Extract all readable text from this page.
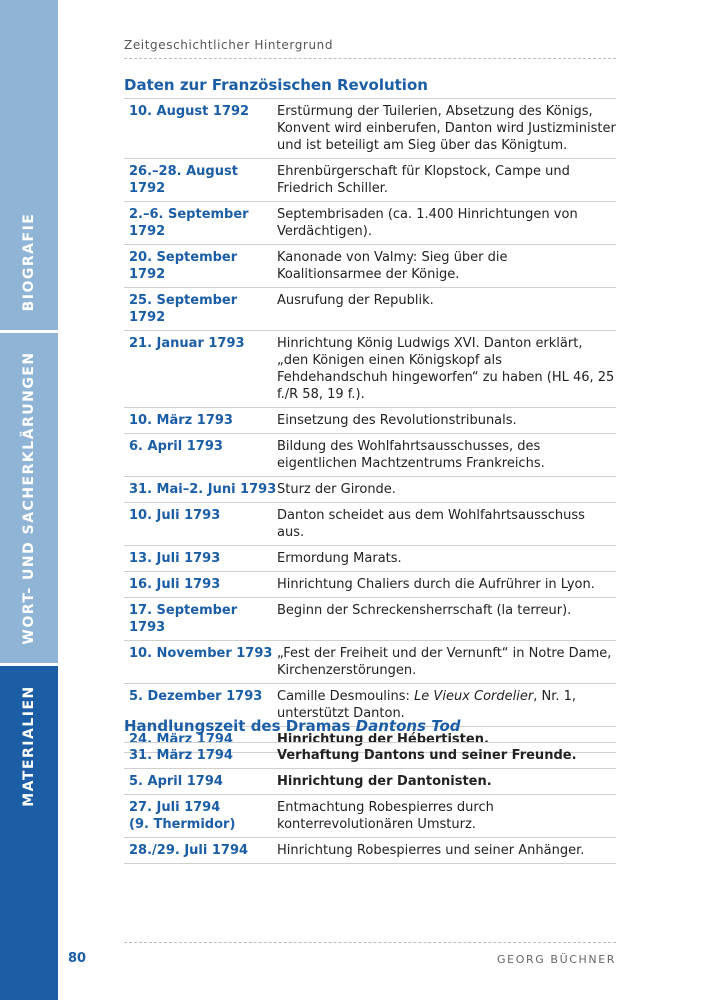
BIOGRAFIE
WORT- UND SACHERKLÄRUNGEN
MATERIALIEN
Zeitgeschichtlicher Hintergrund
Daten zur Französischen Revolution
10. August 1792	Erstürmung der Tuilerien, Absetzung des Königs, Konvent wird einberufen, Danton wird Justizminister und ist beteiligt am Sieg über das Königtum.
26.–28. August 1792	Ehrenbürgerschaft für Klopstock, Campe und Friedrich Schiller.
2.–6. September 1792	Septembrisaden (ca. 1.400 Hinrichtungen von Verdächtigen).
20. September 1792	Kanonade von Valmy: Sieg über die Koalitionsarmee der Könige.
25. September 1792	Ausrufung der Republik.
21. Januar 1793	Hinrichtung König Ludwigs XVI. Danton erklärt, „den Königen einen Königskopf als Fehdehandschuh hingeworfen“ zu haben (HL 46, 25 f./R 58, 19 f.).
10. März 1793	Einsetzung des Revolutionstribunals.
6. April 1793	Bildung des Wohlfahrtsausschusses, des eigentlichen Machtzentrums Frankreichs.
31. Mai–2. Juni 1793	Sturz der Gironde.
10. Juli 1793	Danton scheidet aus dem Wohlfahrtsausschuss aus.
13. Juli 1793	Ermordung Marats.
16. Juli 1793	Hinrichtung Chaliers durch die Aufrührer in Lyon.
17. September 1793	Beginn der Schreckensherrschaft (la terreur).
10. November 1793	„Fest der Freiheit und der Vernunft“ in Notre Dame, Kirchenzerstörungen.
5. Dezember 1793	Camille Desmoulins: Le Vieux Cordelier, Nr. 1, unterstützt Danton.
24. März 1794	Hinrichtung der Hébertisten.
Handlungszeit des Dramas Dantons Tod
31. März 1794	Verhaftung Dantons und seiner Freunde.
5. April 1794	Hinrichtung der Dantonisten.

27. Juli 1794
(9. Thermidor)	Entmachtung Robespierres durch konterrevolutionären Umsturz.
28./29. Juli 1794	Hinrichtung Robespierres und seiner Anhänger.
80	GEORG BÜCHNER
